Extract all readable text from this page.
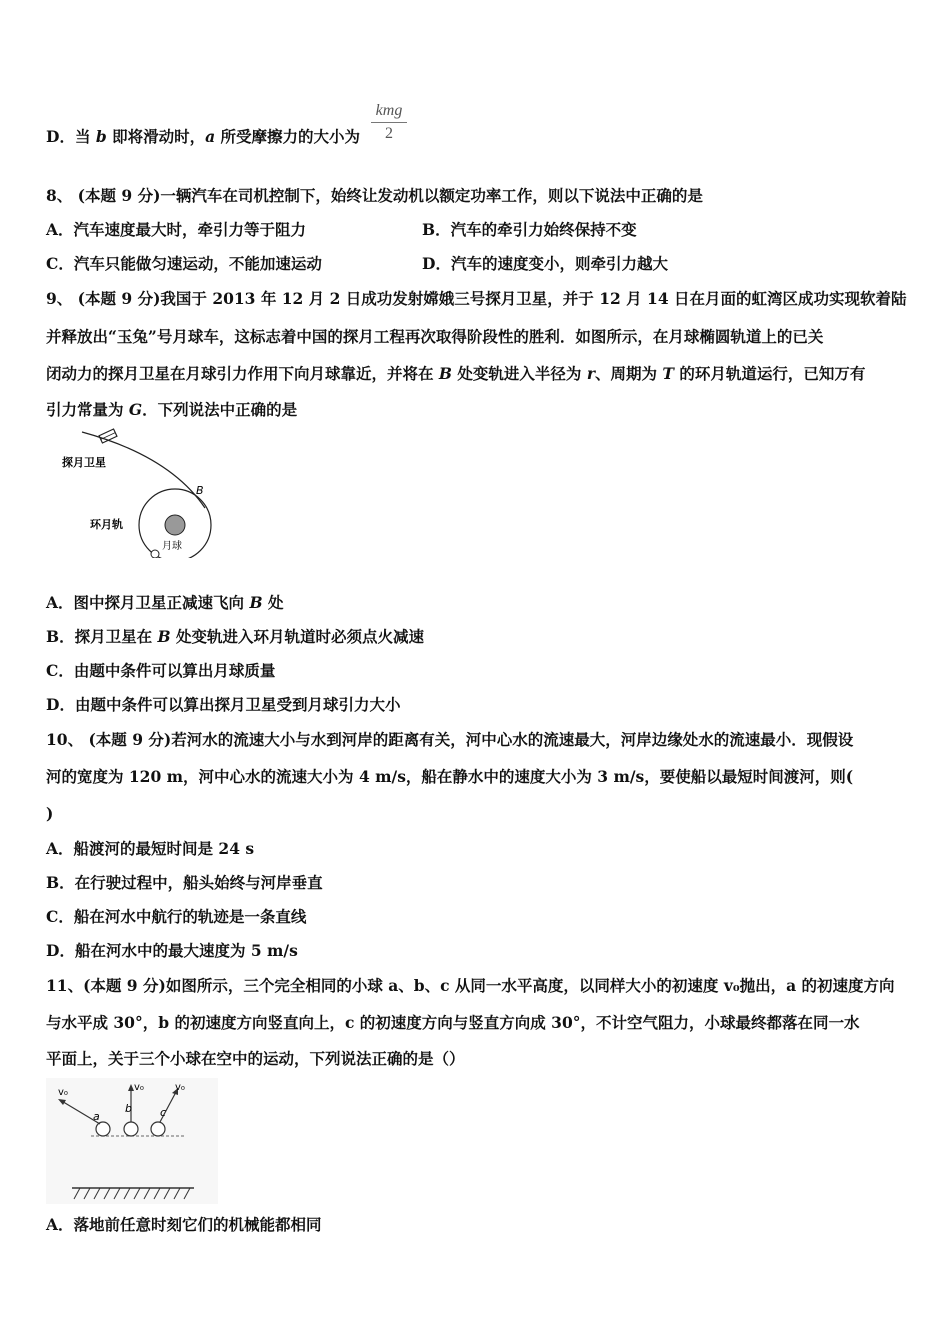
D．当 b 即将滑动时，a 所受摩擦力的大小为
kmg
2
8、 (本题 9 分)一辆汽车在司机控制下，始终让发动机以额定功率工作，则以下说法中正确的是
A．汽车速度最大时，牵引力等于阻力	B．汽车的牵引力始终保持不变
C．汽车只能做匀速运动，不能加速运动	D．汽车的速度变小，则牵引力越大
9、 (本题 9 分)我国于 2013 年 12 月 2 日成功发射嫦娥三号探月卫星，并于 12 月 14 日在月面的虹湾区成功实现软着陆
并释放出“玉兔”号月球车，这标志着中国的探月工程再次取得阶段性的胜利．如图所示，在月球椭圆轨道上的已关
闭动力的探月卫星在月球引力作用下向月球靠近，并将在 B 处变轨进入半径为 r、周期为 T 的环月轨道运行，已知万有
引力常量为 G．下列说法中正确的是
探月卫星
B
月球
环月轨
A．图中探月卫星正减速飞向 B 处
B．探月卫星在 B 处变轨进入环月轨道时必须点火减速
C．由题中条件可以算出月球质量
D．由题中条件可以算出探月卫星受到月球引力大小
10、 (本题 9 分)若河水的流速大小与水到河岸的距离有关，河中心水的流速最大，河岸边缘处水的流速最小．现假设
河的宽度为 120 m，河中心水的流速大小为 4 m/s，船在静水中的速度大小为 3 m/s，要使船以最短时间渡河，则(
)
A．船渡河的最短时间是 24 s
B．在行驶过程中，船头始终与河岸垂直
C．船在河水中航行的轨迹是一条直线
D．船在河水中的最大速度为 5 m/s
11、(本题 9 分)如图所示，三个完全相同的小球 a、b、c 从同一水平高度，以同样大小的初速度 v₀抛出，a 的初速度方向
与水平成 30°，b 的初速度方向竖直向上，c 的初速度方向与竖直方向成 30°，不计空气阻力，小球最终都落在同一水
平面上，关于三个小球在空中的运动，下列说法正确的是（）
v₀
a
v₀
b
v₀
c
A．落地前任意时刻它们的机械能都相同
